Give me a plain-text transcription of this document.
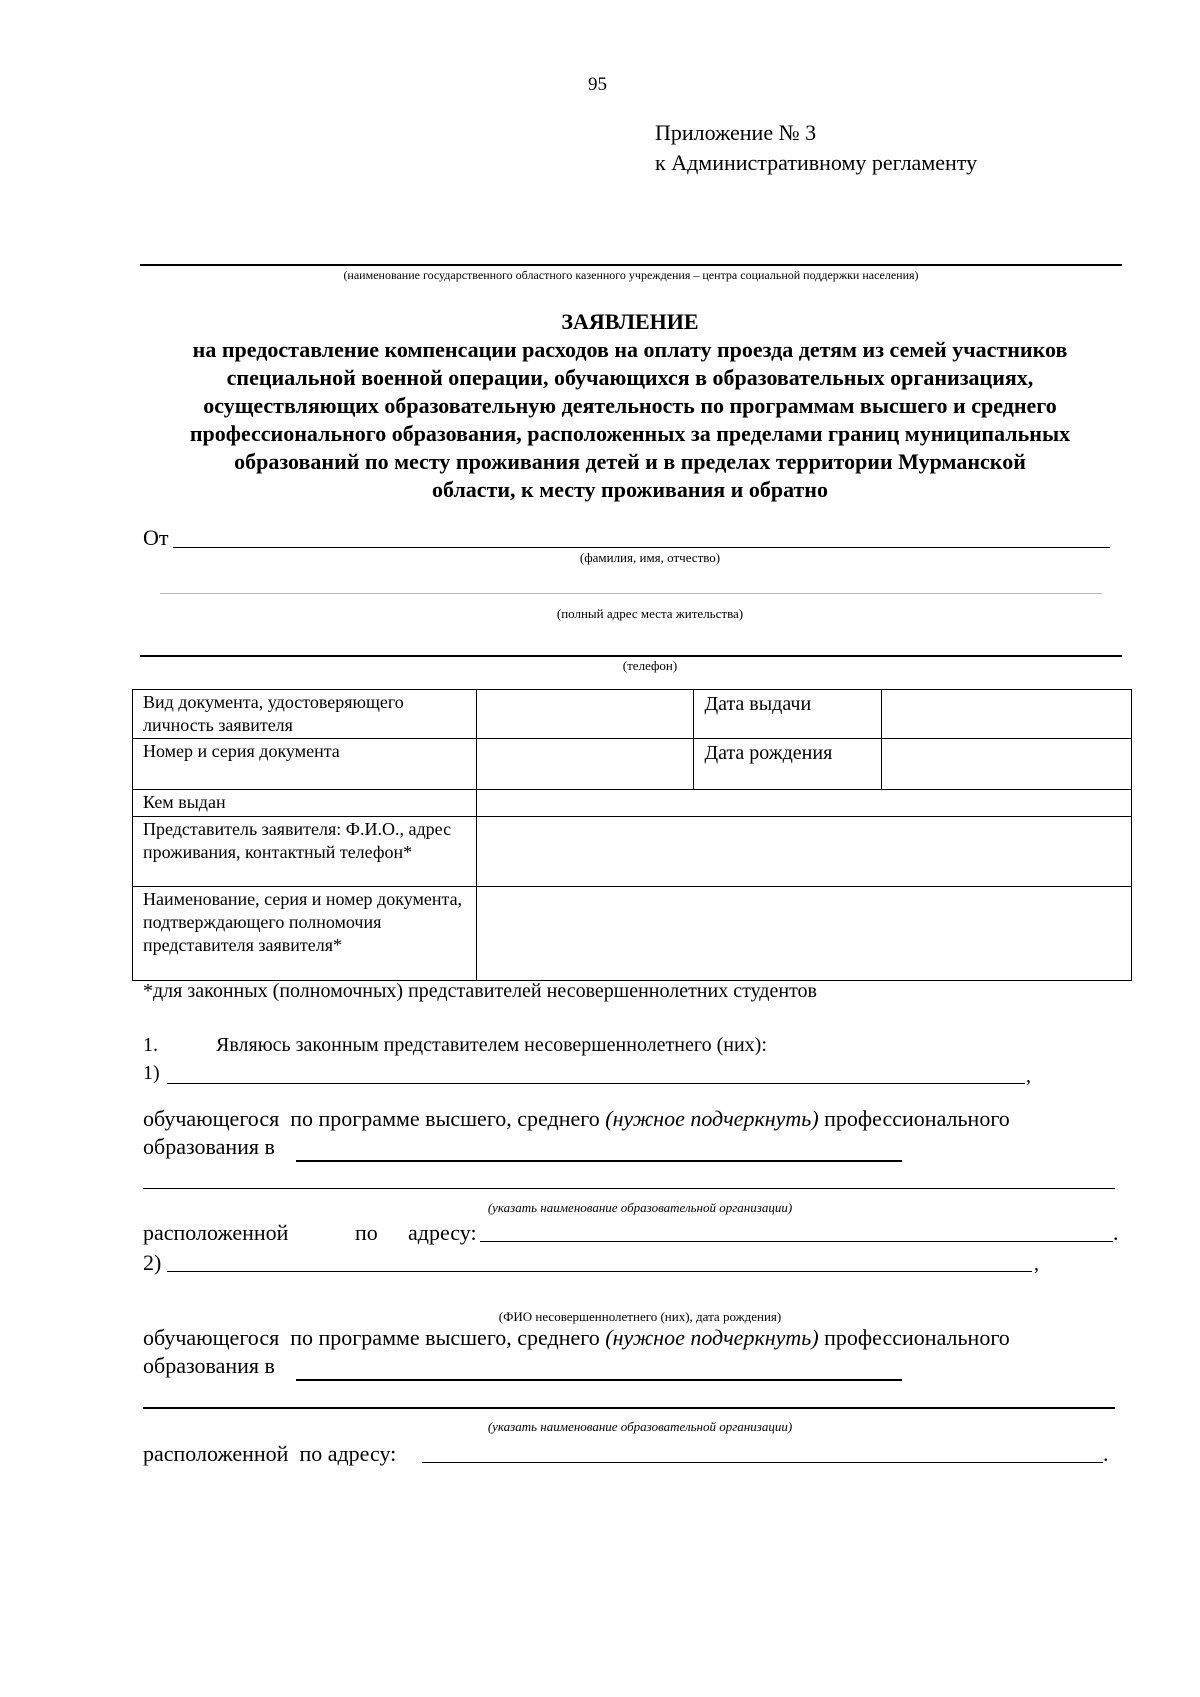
95
Приложение № 3
к Административному регламенту
(наименование государственного областного казенного учреждения – центра социальной поддержки населения)
ЗАЯВЛЕНИЕ
на предоставление компенсации расходов на оплату проезда детям из семей участников
специальной военной операции, обучающихся в образовательных организациях,
осуществляющих образовательную деятельность по программам высшего и среднего
профессионального образования, расположенных за пределами границ муниципальных
образований по месту проживания детей и в пределах территории Мурманской
области, к месту проживания и обратно
От
(фамилия, имя, отчество)
(полный адрес места жительства)
(телефон)
Вид документа, удостоверяющего личность заявителя		Дата выдачи	
Номер и серия документа		Дата рождения	
Кем выдан			
Представитель заявителя: Ф.И.О., адрес проживания, контактный телефон*			
Наименование, серия и номер документа, подтверждающего полномочия представителя заявителя*			
*для законных (полномочных) представителей несовершеннолетних студентов
1.	Являюсь законным представителем несовершеннолетнего (них):
1)	,
обучающегося  по программе высшего, среднего (нужное подчеркнуть) профессионального
образования в
(указать наименование образовательной организации)
расположенной	по адресу:	.
2)	,
(ФИО несовершеннолетнего (них), дата рождения)
обучающегося  по программе высшего, среднего (нужное подчеркнуть) профессионального
образования в
(указать наименование образовательной организации)
расположенной  по адресу:	.
